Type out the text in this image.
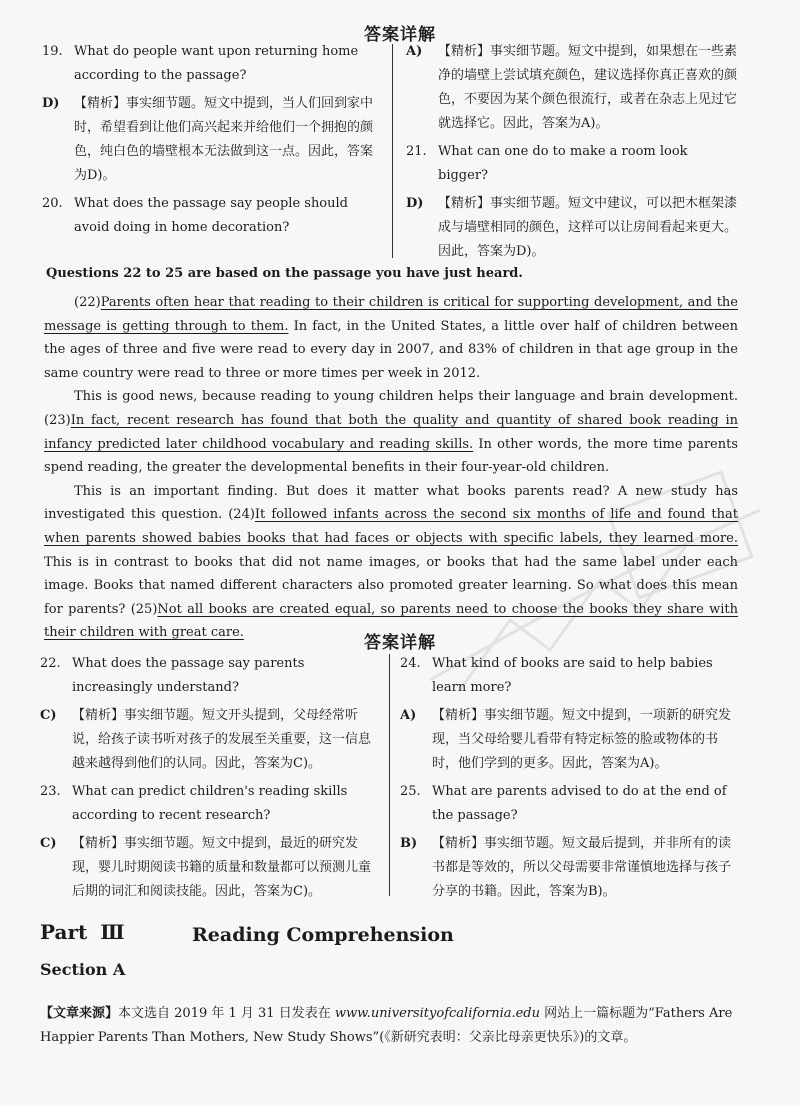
答案详解
19. What do people want upon returning home according to the passage?
D) 【精析】事实细节题。短文中提到，当人们回到家中时，希望看到让他们高兴起来并给他们一个拥抱的颜色，纯白色的墙壁根本无法做到这一点。因此，答案为D)。
20. What does the passage say people should avoid doing in home decoration?
A) 【精析】事实细节题。短文中提到，如果想在一些素净的墙壁上尝试填充颜色，建议选择你真正喜欢的颜色，不要因为某个颜色很流行，或者在杂志上见过它就选择它。因此，答案为A)。
21. What can one do to make a room look bigger?
D) 【精析】事实细节题。短文中建议，可以把木框架漆成与墙壁相同的颜色，这样可以让房间看起来更大。因此，答案为D)。
Questions 22 to 25 are based on the passage you have just heard.

(22)Parents often hear that reading to their children is critical for supporting development, and the message is getting through to them. In fact, in the United States, a little over half of children between the ages of three and five were read to every day in 2007, and 83% of children in that age group in the same country were read to three or more times per week in 2012.

This is good news, because reading to young children helps their language and brain development. (23)In fact, recent research has found that both the quality and quantity of shared book reading in infancy predicted later childhood vocabulary and reading skills. In other words, the more time parents spend reading, the greater the developmental benefits in their four-year-old children.

This is an important finding. But does it matter what books parents read? A new study has investigated this question. (24)It followed infants across the second six months of life and found that when parents showed babies books that had faces or objects with specific labels, they learned more. This is in contrast to books that did not name images, or books that had the same label under each image. Books that named different characters also promoted greater learning. So what does this mean for parents? (25)Not all books are created equal, so parents need to choose the books they share with their children with great care.

答案详解
22. What does the passage say parents increasingly understand?
C) 【精析】事实细节题。短文开头提到，父母经常听说，给孩子读书听对孩子的发展至关重要，这一信息越来越得到他们的认同。因此，答案为C)。
23. What can predict children's reading skills according to recent research?
C) 【精析】事实细节题。短文中提到，最近的研究发现，婴儿时期阅读书籍的质量和数量都可以预测儿童后期的词汇和阅读技能。因此，答案为C)。
24. What kind of books are said to help babies learn more?
A) 【精析】事实细节题。短文中提到，一项新的研究发现，当父母给婴儿看带有特定标签的脸或物体的书时，他们学到的更多。因此，答案为A)。
25. What are parents advised to do at the end of the passage?
B) 【精析】事实细节题。短文最后提到，并非所有的读书都是等效的，所以父母需要非常谨慎地选择与孩子分享的书籍。因此，答案为B)。
Part Ⅲ	Reading Comprehension
Section A
【文章来源】本文选自 2019 年 1 月 31 日发表在 www.universityofcalifornia.edu 网站上一篇标题为“Fathers Are Happier Parents Than Mothers, New Study Shows”(《新研究表明：父亲比母亲更快乐》)的文章。
